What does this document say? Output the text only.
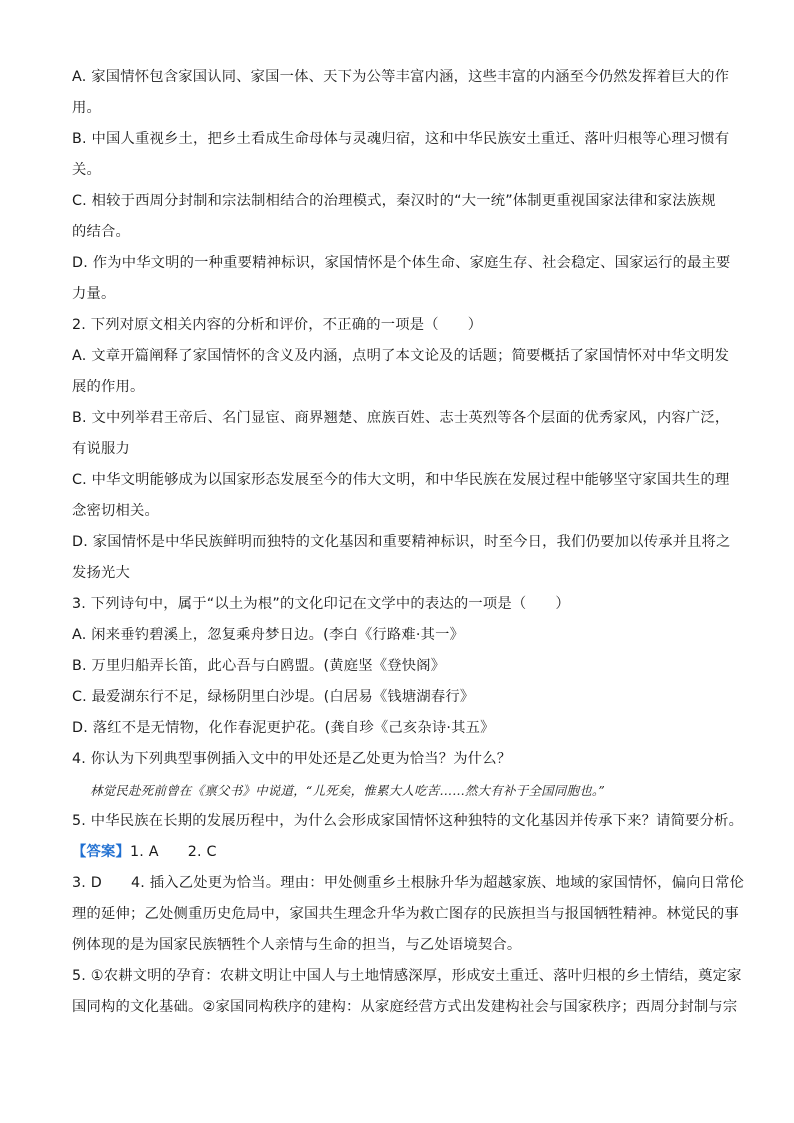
A. 家国情怀包含家国认同、家国一体、天下为公等丰富内涵，这些丰富的内涵至今仍然发挥着巨大的作
用。
B. 中国人重视乡土，把乡土看成生命母体与灵魂归宿，这和中华民族安土重迁、落叶归根等心理习惯有
关。
C. 相较于西周分封制和宗法制相结合的治理模式，秦汉时的“大一统”体制更重视国家法律和家法族规
的结合。
D. 作为中华文明的一种重要精神标识，家国情怀是个体生命、家庭生存、社会稳定、国家运行的最主要
力量。
2. 下列对原文相关内容的分析和评价，不正确的一项是（　　）
A. 文章开篇阐释了家国情怀的含义及内涵，点明了本文论及的话题；简要概括了家国情怀对中华文明发
展的作用。
B. 文中列举君王帝后、名门显宦、商界翘楚、庶族百姓、志士英烈等各个层面的优秀家风，内容广泛，
有说服力
C. 中华文明能够成为以国家形态发展至今的伟大文明，和中华民族在发展过程中能够坚守家国共生的理
念密切相关。
D. 家国情怀是中华民族鲜明而独特的文化基因和重要精神标识，时至今日，我们仍要加以传承并且将之
发扬光大
3. 下列诗句中，属于“以土为根”的文化印记在文学中的表达的一项是（　　）
A. 闲来垂钓碧溪上，忽复乘舟梦日边。(李白《行路难·其一》
B. 万里归船弄长笛，此心吾与白鸥盟。(黄庭坚《登快阁》
C. 最爱湖东行不足，绿杨阴里白沙堤。(白居易《钱塘湖春行》
D. 落红不是无情物，化作春泥更护花。(龚自珍《己亥杂诗·其五》
4. 你认为下列典型事例插入文中的甲处还是乙处更为恰当？为什么？
林觉民赴死前曾在《禀父书》中说道，“儿死矣，惟累大人吃苦……然大有补于全国同胞也。”
5. 中华民族在长期的发展历程中，为什么会形成家国情怀这种独特的文化基因并传承下来？请简要分析。
【答案】1. A　　2. C
3. D　　4. 插入乙处更为恰当。理由：甲处侧重乡土根脉升华为超越家族、地域的家国情怀，偏向日常伦
理的延伸；乙处侧重历史危局中，家国共生理念升华为救亡图存的民族担当与报国牺牲精神。林觉民的事
例体现的是为国家民族牺牲个人亲情与生命的担当，与乙处语境契合。
5. ①农耕文明的孕育：农耕文明让中国人与土地情感深厚，形成安土重迁、落叶归根的乡土情结，奠定家
国同构的文化基础。②家国同构秩序的建构：从家庭经营方式出发建构社会与国家秩序；西周分封制与宗
